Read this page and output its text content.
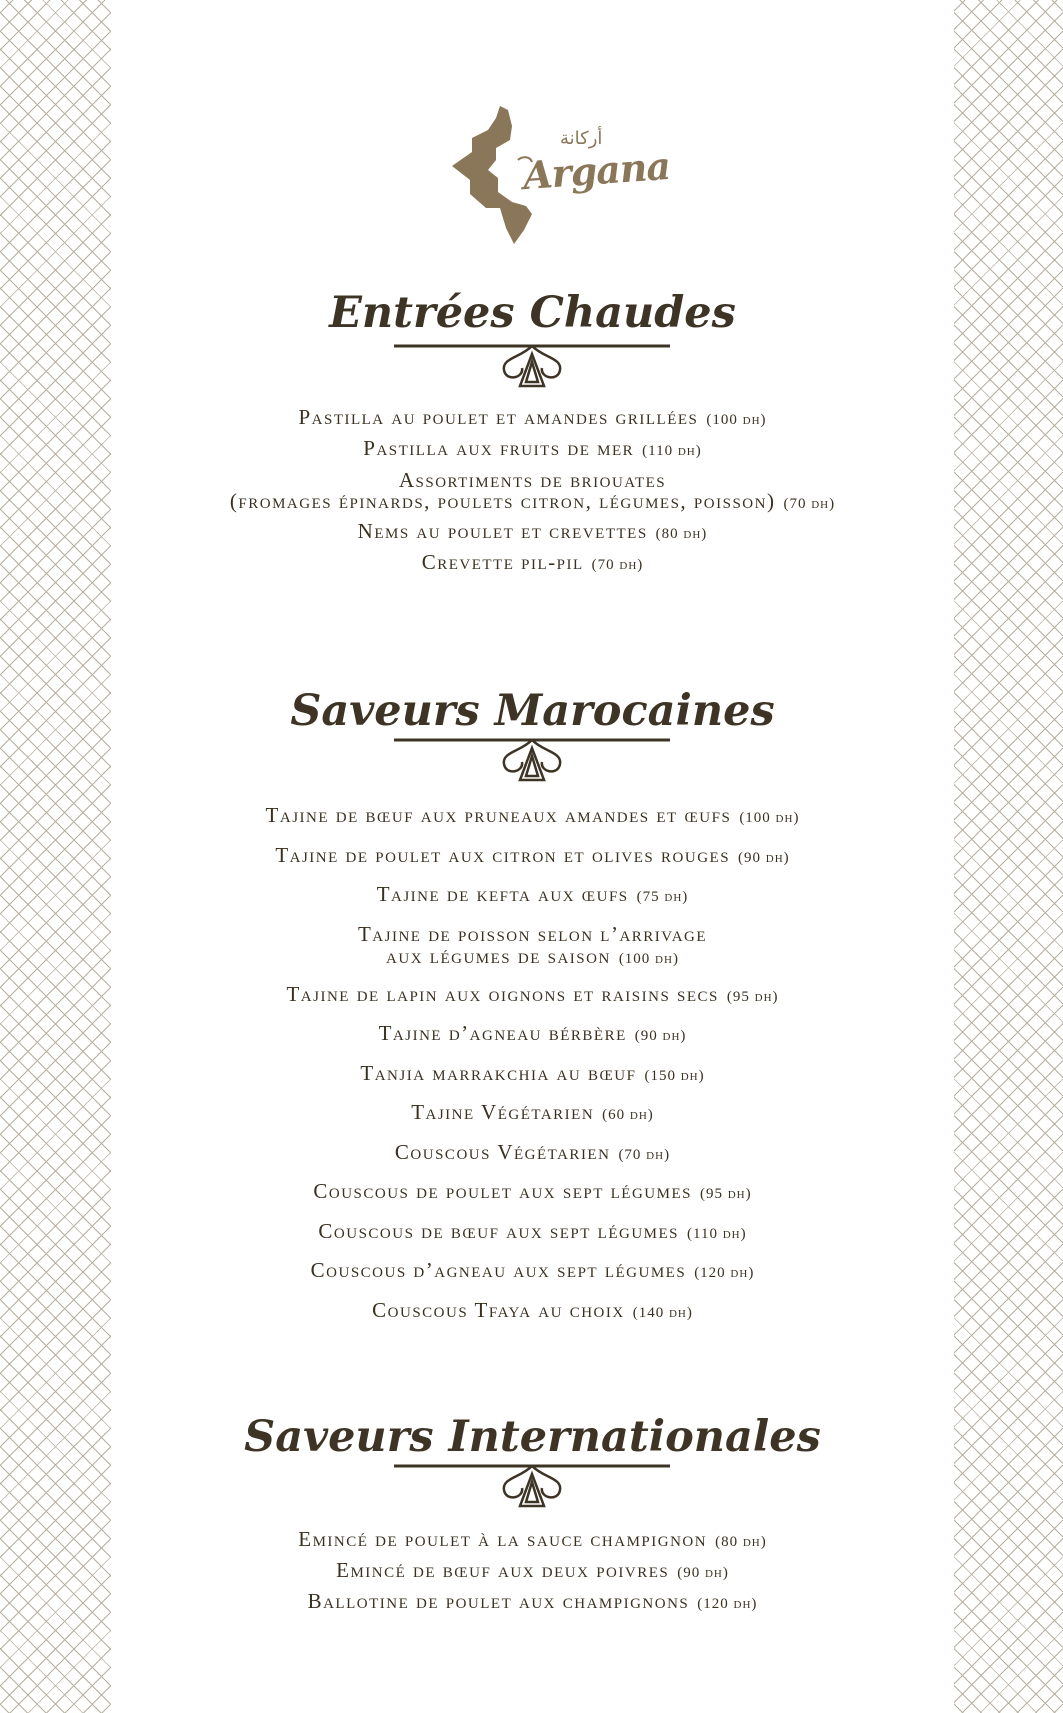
Argana
أركانة
Entrées Chaudes
Pastilla au poulet et amandes grillées (100 dh)
Pastilla aux fruits de mer (110 dh)
Assortiments de briouates
(fromages épinards, poulets citron, légumes, poisson) (70 dh)
Nems au poulet et crevettes (80 dh)
Crevette pil-pil (70 dh)
Saveurs Marocaines
Tajine de bœuf aux pruneaux amandes et œufs (100 dh)
Tajine de poulet aux citron et olives rouges (90 dh)
Tajine de kefta aux œufs (75 dh)
Tajine de poisson selon l’arrivage
aux légumes de saison (100 dh)
Tajine de lapin aux oignons et raisins secs (95 dh)
Tajine d’agneau bérbère (90 dh)
Tanjia marrakchia au bœuf (150 dh)
Tajine Végétarien (60 dh)
Couscous Végétarien (70 dh)
Couscous de poulet aux sept légumes (95 dh)
Couscous de bœuf aux sept légumes (110 dh)
Couscous d’agneau aux sept légumes (120 dh)
Couscous Tfaya au choix (140 dh)
Saveurs Internationales
Emincé de poulet à la sauce champignon (80 dh)
Emincé de bœuf aux deux poivres (90 dh)
Ballotine de poulet aux champignons (120 dh)
